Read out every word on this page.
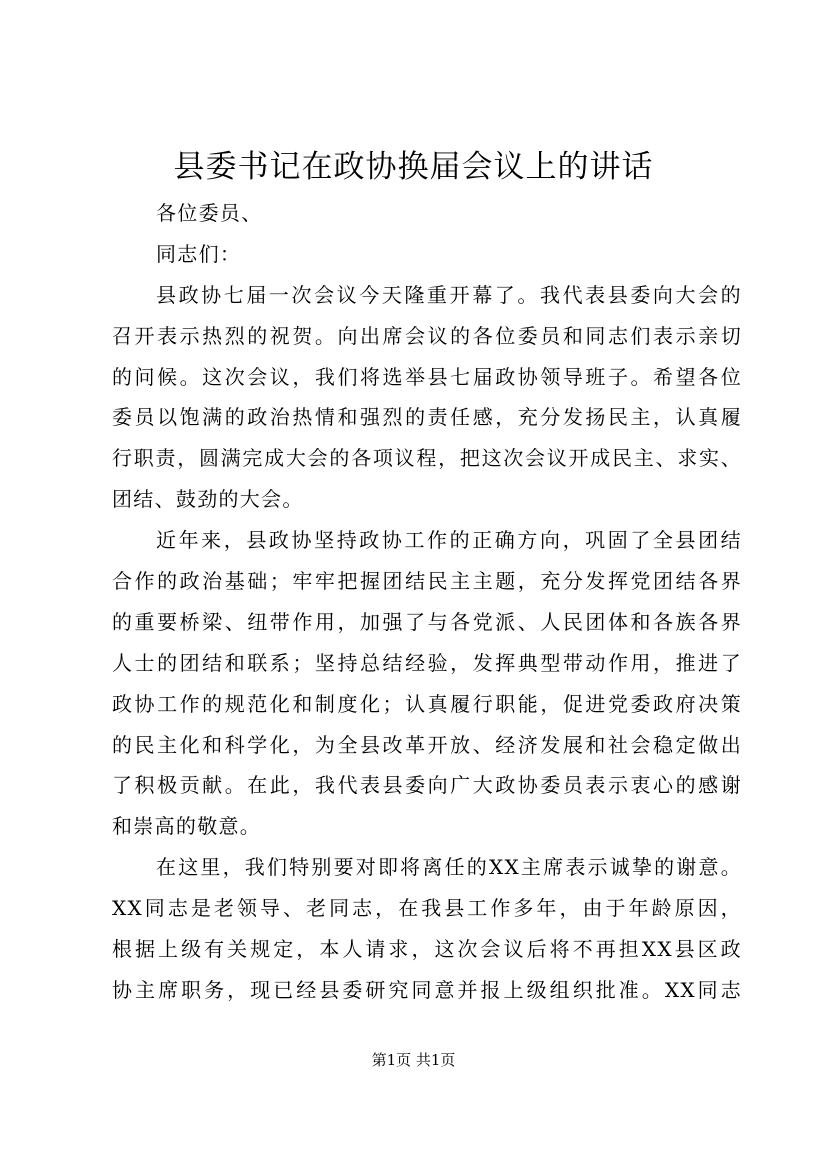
县委书记在政协换届会议上的讲话
各位委员、
同志们：
县政协七届一次会议今天隆重开幕了。我代表县委向大会的
召开表示热烈的祝贺。向出席会议的各位委员和同志们表示亲切
的问候。这次会议，我们将选举县七届政协领导班子。希望各位
委员以饱满的政治热情和强烈的责任感，充分发扬民主，认真履
行职责，圆满完成大会的各项议程，把这次会议开成民主、求实、
团结、鼓劲的大会。
近年来，县政协坚持政协工作的正确方向，巩固了全县团结
合作的政治基础；牢牢把握团结民主主题，充分发挥党团结各界
的重要桥梁、纽带作用，加强了与各党派、人民团体和各族各界
人士的团结和联系；坚持总结经验，发挥典型带动作用，推进了
政协工作的规范化和制度化；认真履行职能，促进党委政府决策
的民主化和科学化，为全县改革开放、经济发展和社会稳定做出
了积极贡献。在此，我代表县委向广大政协委员表示衷心的感谢
和崇高的敬意。
在这里，我们特别要对即将离任的XX主席表示诚挚的谢意。
XX同志是老领导、老同志，在我县工作多年，由于年龄原因，
根据上级有关规定，本人请求，这次会议后将不再担XX县区政
协主席职务，现已经县委研究同意并报上级组织批准。XX同志
第1页 共1页
